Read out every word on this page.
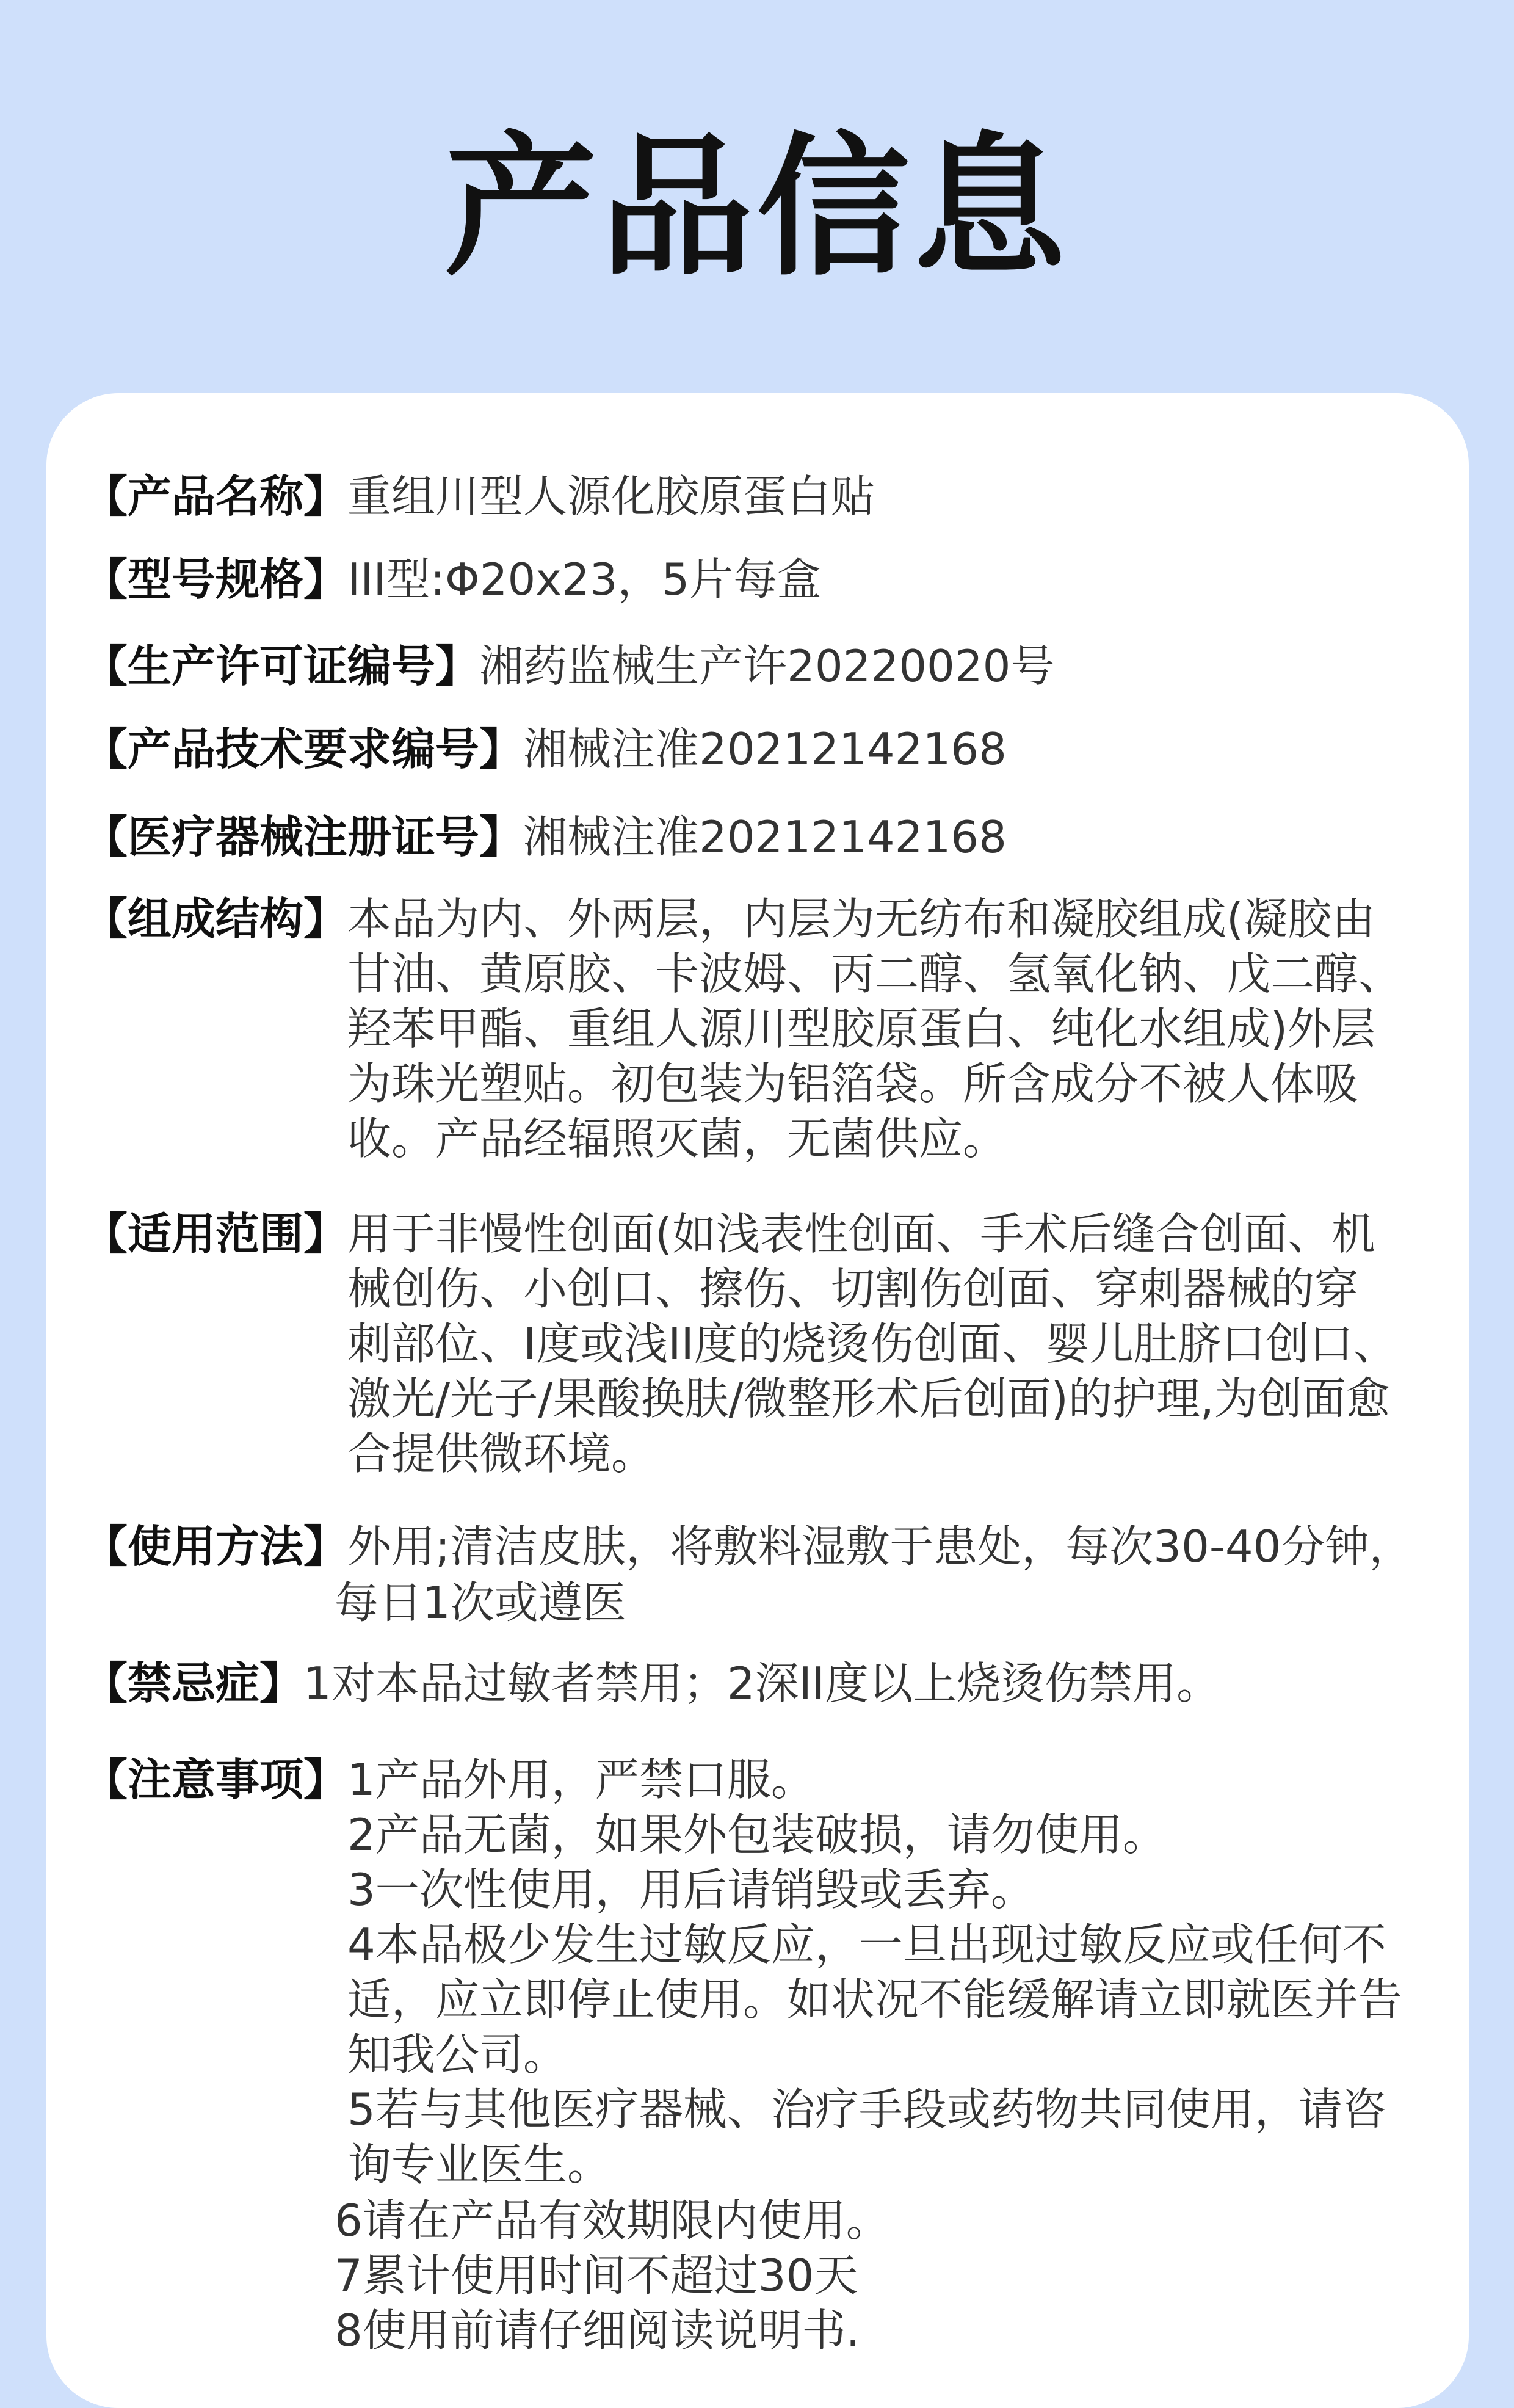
产品信息
【产品名称】 重组川型人源化胶原蛋白贴
【型号规格】 III型:Φ20x23，5片每盒
【生产许可证编号】 湘药监械生产许20220020号
【产品技术要求编号】 湘械注准20212142168
【医疗器械注册证号】 湘械注准20212142168
【组成结构】 本品为内、外两层，内层为无纺布和凝胶组成(凝胶由
甘油、黄原胶、卡波姆、丙二醇、氢氧化钠、戊二醇、
羟苯甲酯、重组人源川型胶原蛋白、纯化水组成)外层
为珠光塑贴。初包装为铝箔袋。所含成分不被人体吸
收。产品经辐照灭菌，无菌供应。
【适用范围】 用于非慢性创面(如浅表性创面、手术后缝合创面、机
械创伤、小创口、擦伤、切割伤创面、穿刺器械的穿
刺部位、I度或浅II度的烧烫伤创面、婴儿肚脐口创口、
激光/光子/果酸换肤/微整形术后创面)的护理,为创面愈
合提供微环境。
【使用方法】 外用;清洁皮肤，将敷料湿敷于患处，每次30-40分钟，
每日1次或遵医
【禁忌症】 1对本品过敏者禁用；2深II度以上烧烫伤禁用。
【注意事项】 1产品外用，严禁口服。
2产品无菌，如果外包装破损，请勿使用。
3一次性使用，用后请销毁或丢弃。
4本品极少发生过敏反应，一旦出现过敏反应或任何不
适，应立即停止使用。如状况不能缓解请立即就医并告
知我公司。
5若与其他医疗器械、治疗手段或药物共同使用，请咨
询专业医生。
6请在产品有效期限内使用。
7累计使用时间不超过30天
8使用前请仔细阅读说明书.
